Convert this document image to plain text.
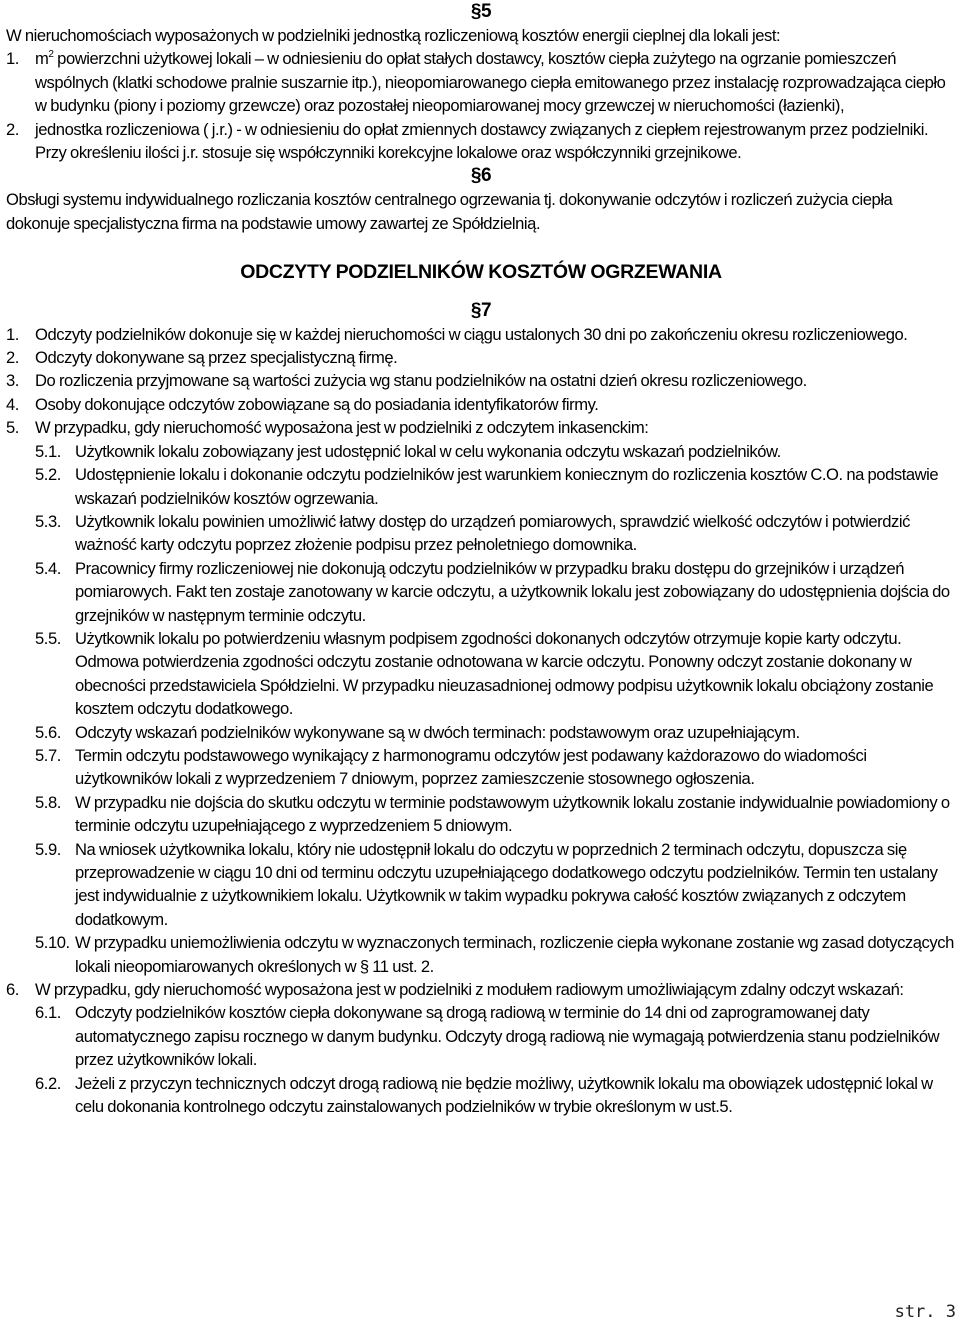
§5

W nieruchomościach wyposażonych w podzielniki jednostką rozliczeniową kosztów energii cieplnej dla lokali jest:

1. $m^2$ powierzchni użytkowej lokali – w odniesieniu do opłat stałych dostawcy, kosztów ciepła zużytego na ogrzanie pomieszczeń wspólnych (klatki schodowe pralnie suszarnie itp.), nieopomiarowanego ciepła emitowanego przez instalację rozprowadzająca ciepło w budynku (piony i poziomy grzewcze) oraz pozostałej nieopomiarowanej mocy grzewczej w nieruchomości (łazienki),
2. jednostka rozliczeniowa ( j.r.) - w odniesieniu do opłat zmiennych dostawcy związanych z ciepłem rejestrowanym przez podzielniki. Przy określeniu ilości j.r. stosuje się współczynniki korekcyjne lokalowe oraz współczynniki grzejnikowe.
§6

Obsługi systemu indywidualnego rozliczania kosztów centralnego ogrzewania tj. dokonywanie odczytów i rozliczeń zużycia ciepła dokonuje specjalistyczna firma na podstawie umowy zawartej ze Spółdzielnią.

ODCZYTY PODZIELNIKÓW KOSZTÓW OGRZEWANIA
§7
1. Odczyty podzielników dokonuje się w każdej nieruchomości w ciągu ustalonych 30 dni po zakończeniu okresu rozliczeniowego.
2. Odczyty dokonywane są przez specjalistyczną firmę.
3. Do rozliczenia przyjmowane są wartości zużycia wg stanu podzielników na ostatni dzień okresu rozliczeniowego.
4. Osoby dokonujące odczytów zobowiązane są do posiadania identyfikatorów firmy.
5. W przypadku, gdy nieruchomość wyposażona jest w podzielniki z odczytem inkasenckim:
5.1. Użytkownik lokalu zobowiązany jest udostępnić lokal w celu wykonania odczytu wskazań podzielników.
5.2. Udostępnienie lokalu i dokonanie odczytu podzielników jest warunkiem koniecznym do rozliczenia kosztów C.O. na podstawie wskazań podzielników kosztów ogrzewania.
5.3. Użytkownik lokalu powinien umożliwić łatwy dostęp do urządzeń pomiarowych, sprawdzić wielkość odczytów i potwierdzić ważność karty odczytu poprzez złożenie podpisu przez pełnoletniego domownika.
5.4. Pracownicy firmy rozliczeniowej nie dokonują odczytu podzielników w przypadku braku dostępu do grzejników i urządzeń pomiarowych. Fakt ten zostaje zanotowany w karcie odczytu, a użytkownik lokalu jest zobowiązany do udostępnienia dojścia do grzejników w następnym terminie odczytu.
5.5. Użytkownik lokalu po potwierdzeniu własnym podpisem zgodności dokonanych odczytów otrzymuje kopie karty odczytu. Odmowa potwierdzenia zgodności odczytu zostanie odnotowana w karcie odczytu. Ponowny odczyt zostanie dokonany w obecności przedstawiciela Spółdzielni. W przypadku nieuzasadnionej odmowy podpisu użytkownik lokalu obciążony zostanie kosztem odczytu dodatkowego.
5.6. Odczyty wskazań podzielników wykonywane są w dwóch terminach: podstawowym oraz uzupełniającym.
5.7. Termin odczytu podstawowego wynikający z harmonogramu odczytów jest podawany każdorazowo do wiadomości użytkowników lokali z wyprzedzeniem 7 dniowym, poprzez zamieszczenie stosownego ogłoszenia.
5.8. W przypadku nie dojścia do skutku odczytu w terminie podstawowym użytkownik lokalu zostanie indywidualnie powiadomiony o terminie odczytu uzupełniającego z wyprzedzeniem 5 dniowym.
5.9. Na wniosek użytkownika lokalu, który nie udostępnił lokalu do odczytu w poprzednich 2 terminach odczytu, dopuszcza się przeprowadzenie w ciągu 10 dni od terminu odczytu uzupełniającego dodatkowego odczytu podzielników. Termin ten ustalany jest indywidualnie z użytkownikiem lokalu. Użytkownik w takim wypadku pokrywa całość kosztów związanych z odczytem dodatkowym.
5.10. W przypadku uniemożliwienia odczytu w wyznaczonych terminach, rozliczenie ciepła wykonane zostanie wg zasad dotyczących lokali nieopomiarowanych określonych w § 11 ust. 2.
6. W przypadku, gdy nieruchomość wyposażona jest w podzielniki z modułem radiowym umożliwiającym zdalny odczyt wskazań:
6.1. Odczyty podzielników kosztów ciepła dokonywane są drogą radiową w terminie do 14 dni od zaprogramowanej daty automatycznego zapisu rocznego w danym budynku. Odczyty drogą radiową nie wymagają potwierdzenia stanu podzielników przez użytkowników lokali.
6.2. Jeżeli z przyczyn technicznych odczyt drogą radiową nie będzie możliwy, użytkownik lokalu ma obowiązek udostępnić lokal w celu dokonania kontrolnego odczytu zainstalowanych podzielników w trybie określonym w ust.5.
str. 3
